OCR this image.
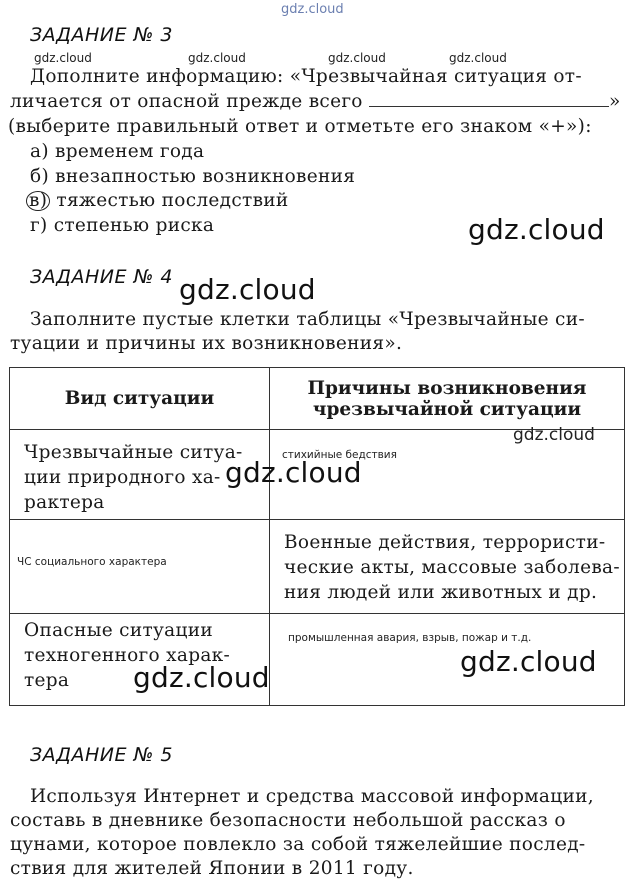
gdz.cloud
ЗАДАНИЕ № 3
gdz.cloud	gdz.cloud	gdz.cloud	gdz.cloud
Дополните информацию: «Чрезвычайная ситуация от-
личается от опасной прежде всего	»
(выберите правильный ответ и отметьте его знаком «+»):
а) временем года
б) внезапностью возникновения
в) тяжестью последствий
г) степенью риска	gdz.cloud
ЗАДАНИЕ № 4 gdz.cloud
Заполните пустые клетки таблицы «Чрезвычайные си-
туации и причины их возникновения».
Вид ситуации	Причины возникновения
чрезвычайной ситуации

Чрезвычайные ситуа-
ции природного ха-
рактера	стихийные бедствия

ЧС социального характера	Военные действия, террористи-
ческие акты, массовые заболева-
ния людей или животных и др.

Опасные ситуации
техногенного харак-
тера	промышленная авария, взрыв, пожар и т.д.
gdz.cloud
gdz.cloud
gdz.cloud
gdz.cloud
ЗАДАНИЕ № 5
Используя Интернет и средства массовой информации,
составь в дневнике безопасности небольшой рассказ о
цунами, которое повлекло за собой тяжелейшие послед-
ствия для жителей Японии в 2011 году.
